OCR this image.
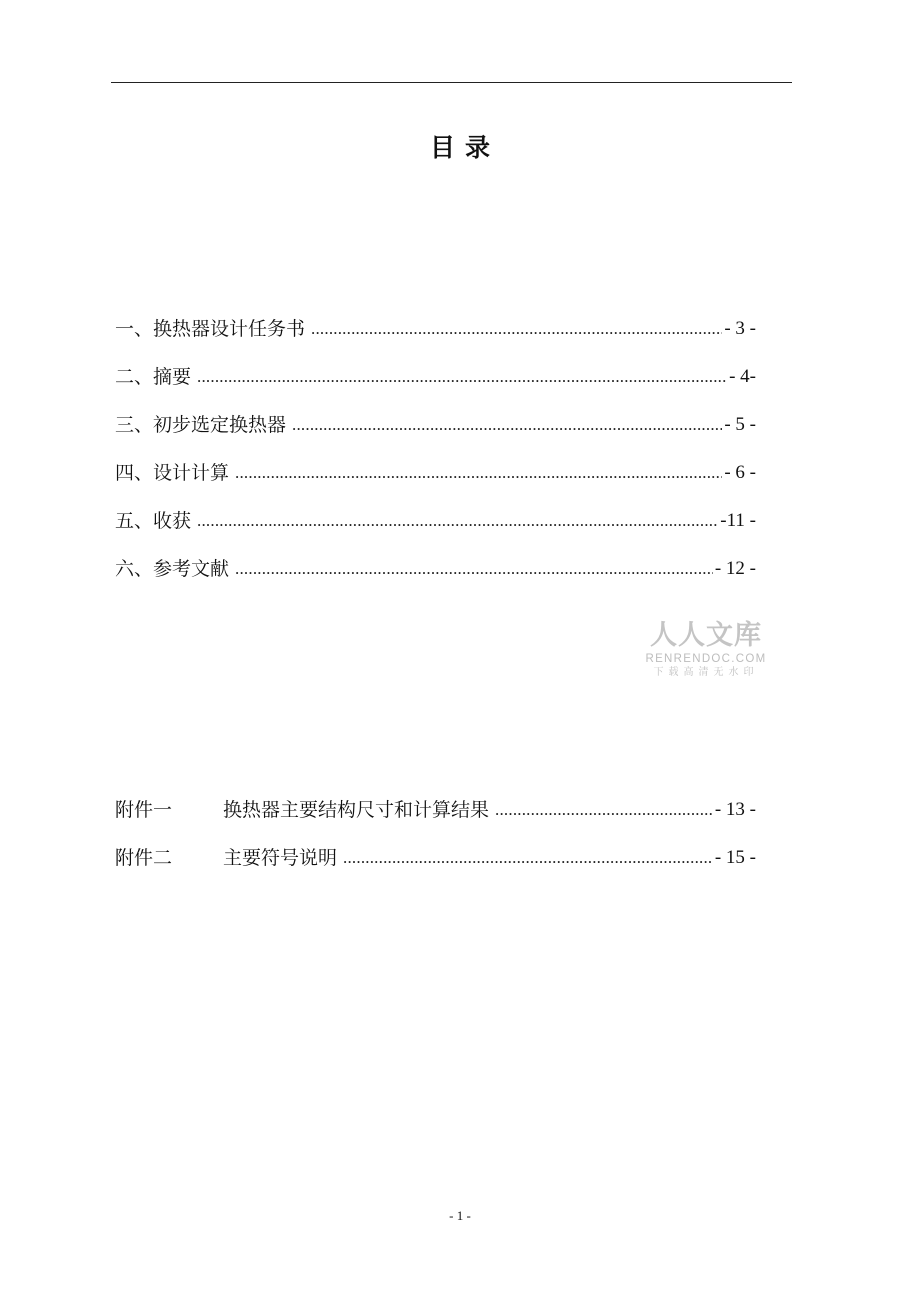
目录
一、 换热器设计任务书 .....	- 3 -
二、 摘要 .....	- 4-
三、 初步选定换热器 .....	- 5 -
四、 设计计算 .....	- 6 -
五、 收获 .....	-11 -
六、 参考文献 .....	- 12 -
人人文库
RENRENDOC.COM
下载高清无水印
附件一	换热器主要结构尺寸和计算结果 .....	- 13 -
附件二	主要符号说明 .....	- 15 -
- 1 -
